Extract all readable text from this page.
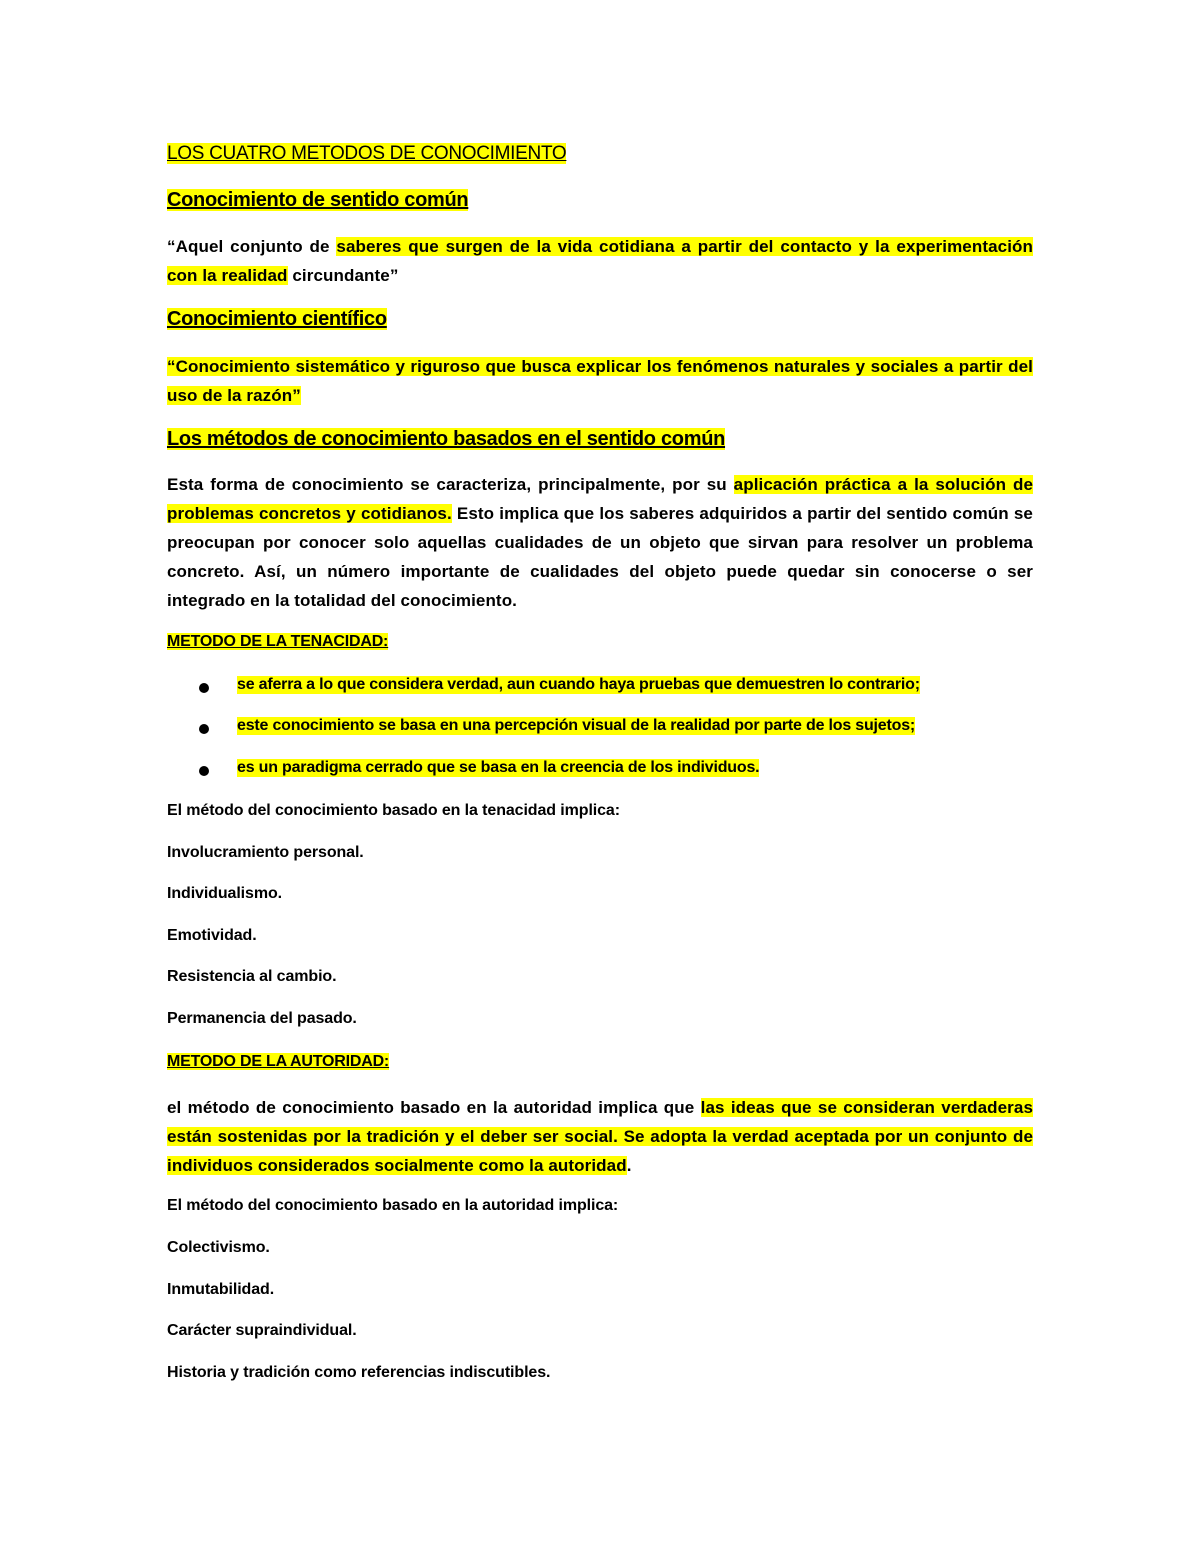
LOS CUATRO METODOS DE CONOCIMIENTO
Conocimiento de sentido común

“Aquel conjunto de saberes que surgen de la vida cotidiana a partir del contacto y la experimentación con la realidad circundante”

Conocimiento científico

“Conocimiento sistemático y riguroso que busca explicar los fenómenos naturales y sociales a partir del uso de la razón”

Los métodos de conocimiento basados en el sentido común

Esta forma de conocimiento se caracteriza, principalmente, por su aplicación práctica a la solución de problemas concretos y cotidianos. Esto implica que los saberes adquiridos a partir del sentido común se preocupan por conocer solo aquellas cualidades de un objeto que sirvan para resolver un problema concreto. Así, un número importante de cualidades del objeto puede quedar sin conocerse o ser integrado en la totalidad del conocimiento.

METODO DE LA TENACIDAD:
se aferra a lo que considera verdad, aun cuando haya pruebas que demuestren lo contrario;
este conocimiento se basa en una percepción visual de la realidad por parte de los sujetos;
es un paradigma cerrado que se basa en la creencia de los individuos.
El método del conocimiento basado en la tenacidad implica:
Involucramiento personal.
Individualismo.
Emotividad.
Resistencia al cambio.
Permanencia del pasado.
METODO DE LA AUTORIDAD:

el método de conocimiento basado en la autoridad implica que las ideas que se consideran verdaderas están sostenidas por la tradición y el deber ser social. Se adopta la verdad aceptada por un conjunto de individuos considerados socialmente como la autoridad.

El método del conocimiento basado en la autoridad implica:
Colectivismo.
Inmutabilidad.
Carácter supraindividual.
Historia y tradición como referencias indiscutibles.
